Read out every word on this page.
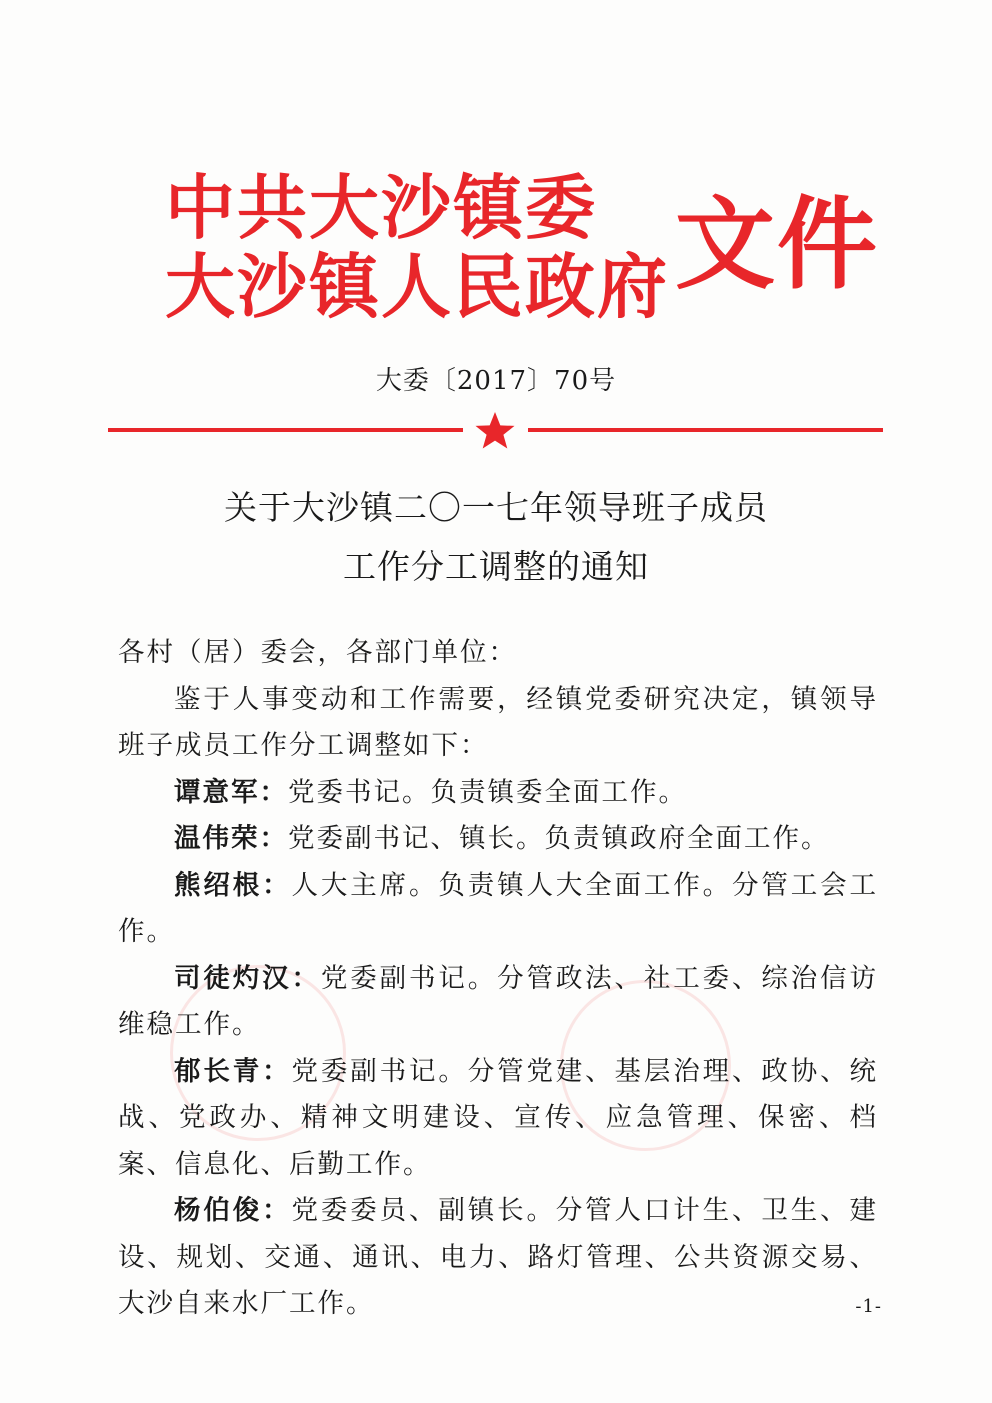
中共大沙镇委
大沙镇人民政府 文件
大委〔2017〕70号
关于大沙镇二〇一七年领导班子成员
工作分工调整的通知

各村（居）委会，各部门单位：

鉴于人事变动和工作需要，经镇党委研究决定，镇领导班子成员工作分工调整如下：

谭意军：党委书记。负责镇委全面工作。

温伟荣：党委副书记、镇长。负责镇政府全面工作。

熊绍根：人大主席。负责镇人大全面工作。分管工会工作。

司徒灼汉：党委副书记。分管政法、社工委、综治信访维稳工作。

郁长青：党委副书记。分管党建、基层治理、政协、统战、党政办、精神文明建设、宣传、应急管理、保密、档案、信息化、后勤工作。

杨伯俊：党委委员、副镇长。分管人口计生、卫生、建设、规划、交通、通讯、电力、路灯管理、公共资源交易、大沙自来水厂工作。	-1-
